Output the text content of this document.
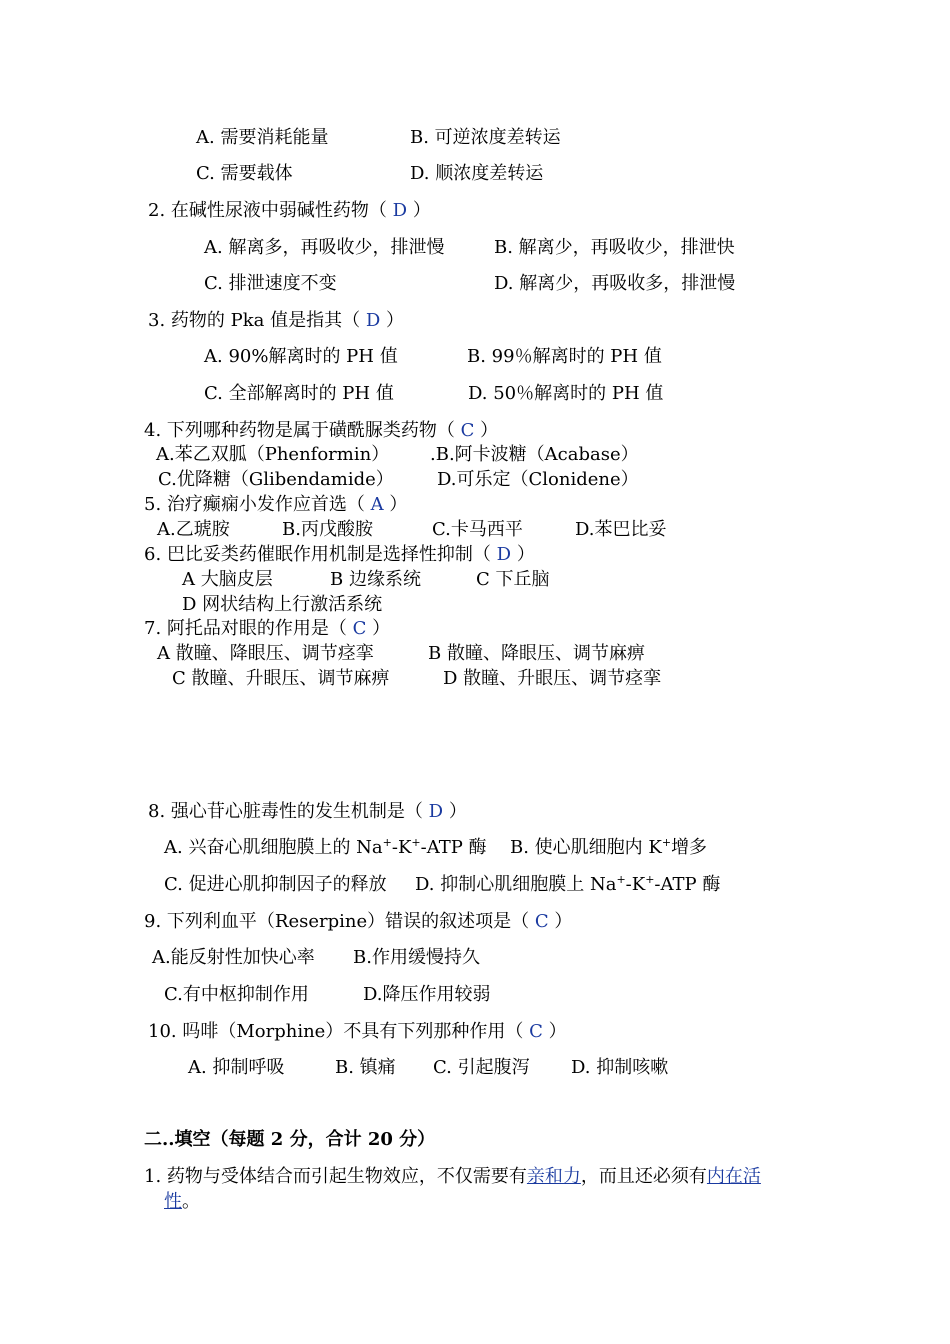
A. 需要消耗能量	B. 可逆浓度差转运
C. 需要载体	D. 顺浓度差转运
2. 在碱性尿液中弱碱性药物（ D ）
A. 解离多，再吸收少，排泄慢	B. 解离少，再吸收少，排泄快
C. 排泄速度不变	D. 解离少，再吸收多，排泄慢
3. 药物的 Pka 值是指其（ D ）
A. 90%解离时的 PH 值	B. 99％解离时的 PH 值
C. 全部解离时的 PH 值	D. 50％解离时的 PH 值
4. 下列哪种药物是属于磺酰脲类药物（ C ）
A.苯乙双胍（Phenformin） .B.阿卡波糖（Acabase）
C.优降糖（Glibendamide） D.可乐定（Clonidene）
5. 治疗癫痫小发作应首选（ A ）
A.乙琥胺	B.丙戊酸胺	C.卡马西平	D.苯巴比妥
6. 巴比妥类药催眠作用机制是选择性抑制（ D ）
A 大脑皮层	B 边缘系统	C 下丘脑
D 网状结构上行激活系统
7. 阿托品对眼的作用是（ C ）
A 散瞳、降眼压、调节痉挛	B 散瞳、降眼压、调节麻痹
C 散瞳、升眼压、调节麻痹	D 散瞳、升眼压、调节痉挛
8. 强心苷心脏毒性的发生机制是（ D ）
A. 兴奋心肌细胞膜上的 Na+-K+-ATP 酶 B. 使心肌细胞内 K+增多
C. 促进心肌抑制因子的释放 D. 抑制心肌细胞膜上 Na+-K+-ATP 酶
9. 下列利血平（Reserpine）错误的叙述项是（ C ）
A.能反射性加快心率 B.作用缓慢持久
C.有中枢抑制作用	D.降压作用较弱
10. 吗啡（Morphine）不具有下列那种作用（ C ）
A. 抑制呼吸	B. 镇痛 C. 引起腹泻 D. 抑制咳嗽
二..填空（每题 2 分，合计 20 分）
1. 药物与受体结合而引起生物效应，不仅需要有亲和力，而且还必须有内在活
性。
